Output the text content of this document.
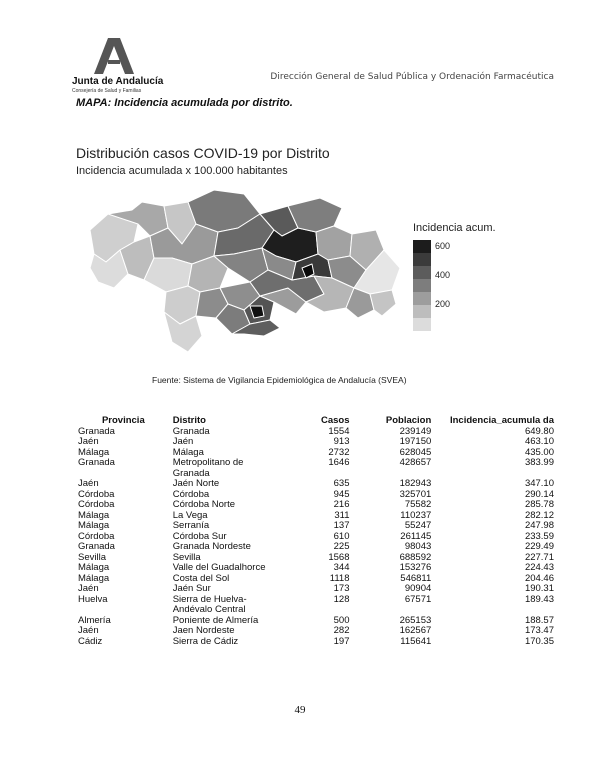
Junta de Andalucía
Consejería de Salud y Familias
Dirección General de Salud Pública y Ordenación Farmacéutica
MAPA: Incidencia acumulada por distrito.
Distribución casos COVID-19 por Distrito
Incidencia acumulada x 100.000 habitantes
Incidencia acum.
600
400
200
Fuente: Sistema de Vigilancia Epidemiológica de Andalucía (SVEA)
Provincia	Distrito	Casos	Poblacion	Incidencia_acumula da
Granada	Granada	1554	239149	649.80
Jaén	Jaén	913	197150	463.10
Málaga	Málaga	2732	628045	435.00
Granada	Metropolitano de Granada	1646	428657	383.99
Jaén	Jaén Norte	635	182943	347.10
Córdoba	Córdoba	945	325701	290.14
Córdoba	Córdoba Norte	216	75582	285.78
Málaga	La Vega	311	110237	282.12
Málaga	Serranía	137	55247	247.98
Córdoba	Córdoba Sur	610	261145	233.59
Granada	Granada Nordeste	225	98043	229.49
Sevilla	Sevilla	1568	688592	227.71
Málaga	Valle del Guadalhorce	344	153276	224.43
Málaga	Costa del Sol	1118	546811	204.46
Jaén	Jaén Sur	173	90904	190.31
Huelva	Sierra de Huelva-Andévalo Central	128	67571	189.43
Almería	Poniente de Almería	500	265153	188.57
Jaén	Jaen Nordeste	282	162567	173.47
Cádiz	Sierra de Cádiz	197	115641	170.35
49
